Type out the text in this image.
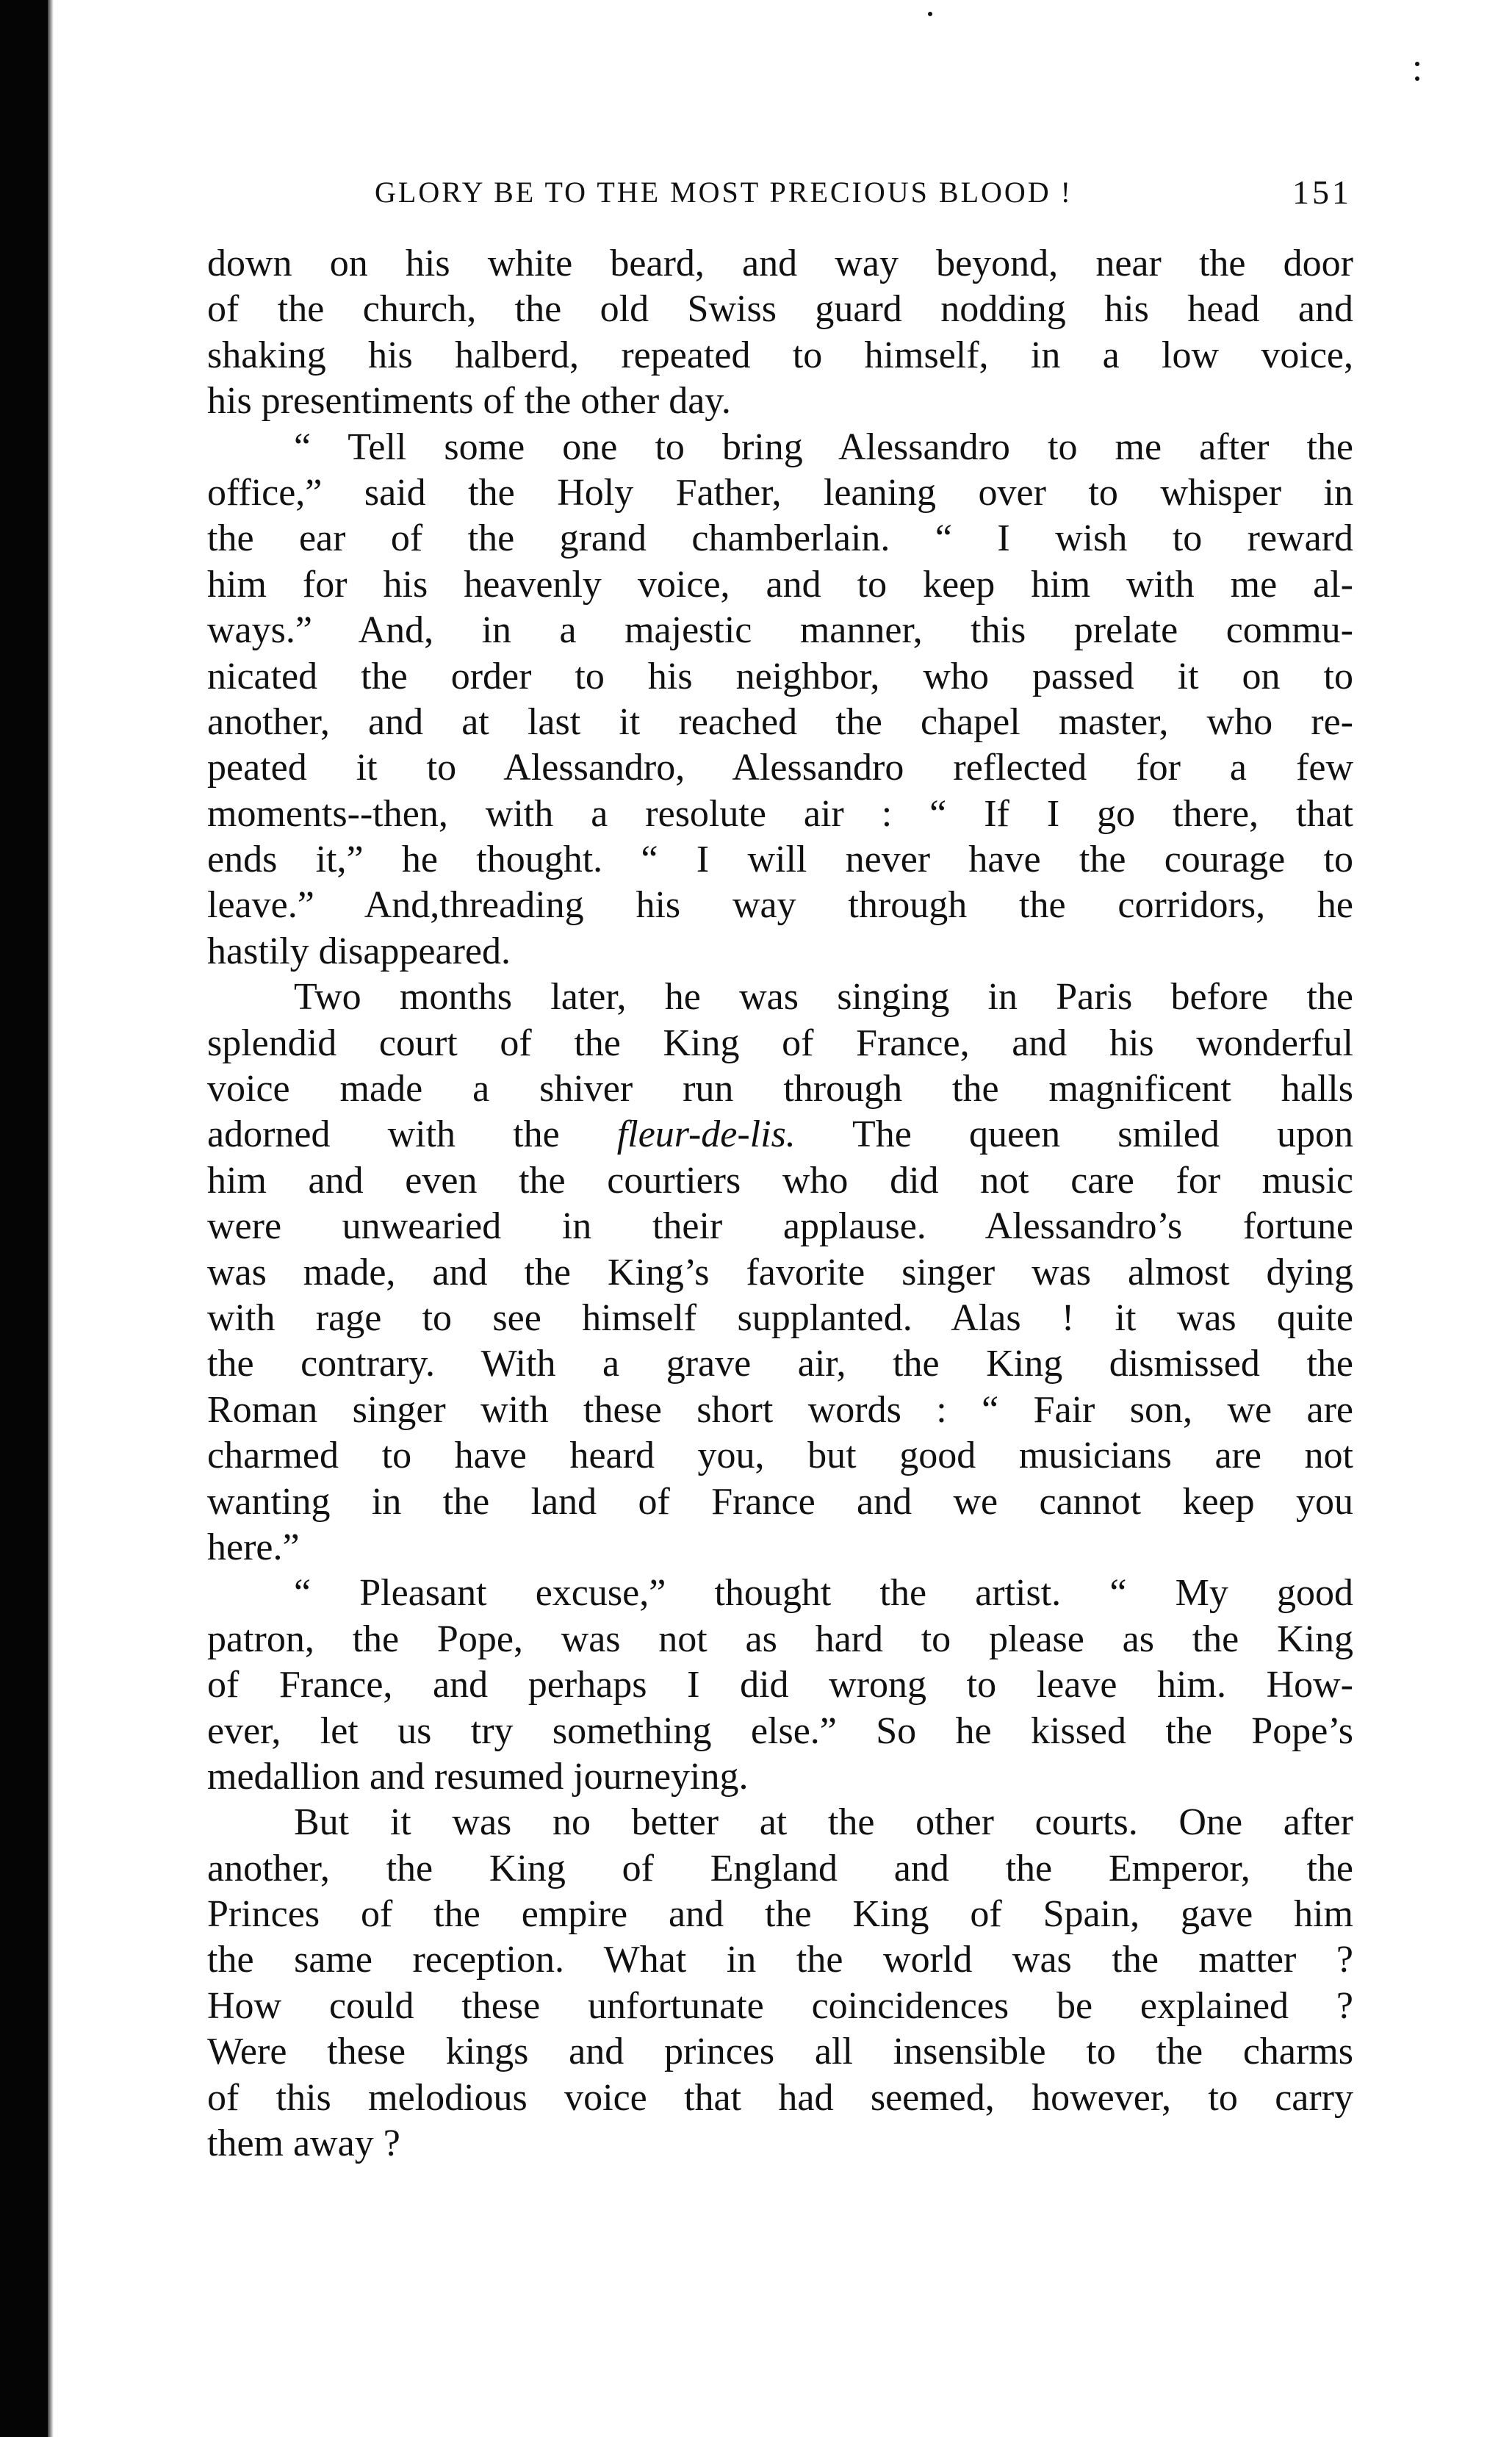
GLORY BE TO THE MOST PRECIOUS BLOOD !	151
down on his white beard, and way beyond, near the door
of the church, the old Swiss guard nodding his head and
shaking his halberd, repeated to himself, in a low voice,
his presentiments of the other day.
“ Tell some one to bring Alessandro to me after the
office,” said the Holy Father, leaning over to whisper in
the ear of the grand chamberlain. “ I wish to reward
him for his heavenly voice, and to keep him with me al-
ways.” And, in a majestic manner, this prelate commu-
nicated the order to his neighbor, who passed it on to
another, and at last it reached the chapel master, who re-
peated it to Alessandro, Alessandro reflected for a few
moments--then, with a resolute air : “ If I go there, that
ends it,” he thought. “ I will never have the courage to
leave.” And,threading his way through the corridors, he
hastily disappeared.
Two months later, he was singing in Paris before the
splendid court of the King of France, and his wonderful
voice made a shiver run through the magnificent halls
adorned with the fleur-de-lis. The queen smiled upon
him and even the courtiers who did not care for music
were unwearied in their applause. Alessandro’s fortune
was made, and the King’s favorite singer was almost dying
with rage to see himself supplanted. Alas ! it was quite
the contrary. With a grave air, the King dismissed the
Roman singer with these short words : “ Fair son, we are
charmed to have heard you, but good musicians are not
wanting in the land of France and we cannot keep you
here.”
“ Pleasant excuse,” thought the artist. “ My good
patron, the Pope, was not as hard to please as the King
of France, and perhaps I did wrong to leave him. How-
ever, let us try something else.” So he kissed the Pope’s
medallion and resumed journeying.
But it was no better at the other courts. One after
another, the King of England and the Emperor, the
Princes of the empire and the King of Spain, gave him
the same reception. What in the world was the matter ?
How could these unfortunate coincidences be explained ?
Were these kings and princes all insensible to the charms
of this melodious voice that had seemed, however, to carry
them away ?
